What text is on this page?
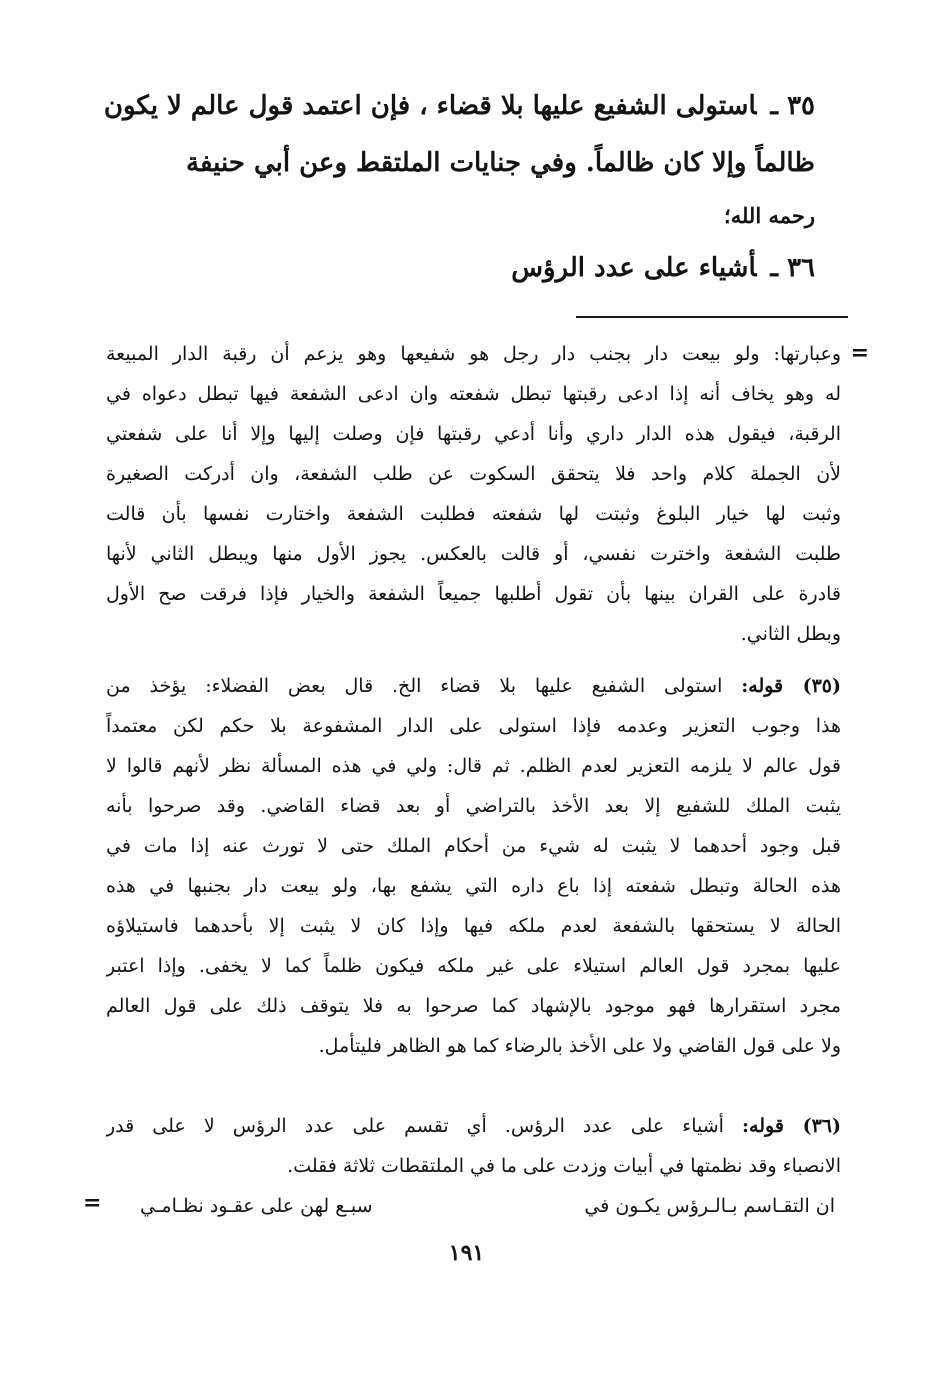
٣٥ ـاستولى الشفيع عليها بلا قضاء ، فإن اعتمد قول عالم لا يكون
ظالماً وإلا كان ظالماً. وفي جنايات الملتقط وعن أبي حنيفة
رحمه الله؛
٣٦ ـأشياء على عدد الرؤس
=
وعبارتها: ولو بيعت دار بجنب دار رجل هو شفيعها وهو يزعم أن رقبة الدار المبيعة
له وهو يخاف أنه إذا ادعى رقبتها تبطل شفعته وان ادعى الشفعة فيها تبطل دعواه في
الرقبة، فيقول هذه الدار داري وأنا أدعي رقبتها فإن وصلت إليها وإلا أنا على شفعتي
لأن الجملة كلام واحد فلا يتحقق السكوت عن طلب الشفعة، وان أدركت الصغيرة
وثبت لها خيار البلوغ وثبتت لها شفعته فطلبت الشفعة واختارت نفسها بأن قالت
طلبت الشفعة واخترت نفسي، أو قالت بالعكس. يجوز الأول منها ويبطل الثاني لأنها
قادرة على القران بينها بأن تقول أطلبها جميعاً الشفعة والخيار فإذا فرقت صح الأول
وبطل الثاني.
(٣٥) قوله: استولى الشفيع عليها بلا قضاء الخ. قال بعض الفضلاء: يؤخذ من
هذا وجوب التعزير وعدمه فإذا استولى على الدار المشفوعة بلا حكم لكن معتمداً
قول عالم لا يلزمه التعزير لعدم الظلم. ثم قال: ولي في هذه المسألة نظر لأنهم قالوا لا
يثبت الملك للشفيع إلا بعد الأخذ بالتراضي أو بعد قضاء القاضي. وقد صرحوا بأنه
قبل وجود أحدهما لا يثبت له شيء من أحكام الملك حتى لا تورث عنه إذا مات في
هذه الحالة وتبطل شفعته إذا باع داره التي يشفع بها، ولو بيعت دار بجنبها في هذه
الحالة لا يستحقها بالشفعة لعدم ملكه فيها وإذا كان لا يثبت إلا بأحدهما فاستيلاؤه
عليها بمجرد قول العالم استيلاء على غير ملكه فيكون ظلماً كما لا يخفى. وإذا اعتبر
مجرد استقرارها فهو موجود بالإشهاد كما صرحوا به فلا يتوقف ذلك على قول العالم
ولا على قول القاضي ولا على الأخذ بالرضاء كما هو الظاهر فليتأمل.
(٣٦) قوله: أشياء على عدد الرؤس. أي تقسم على عدد الرؤس لا على قدر
الانصباء وقد نظمتها في أبيات وزدت على ما في الملتقطات ثلاثة فقلت.
ان التقـاسم بـالـرؤس يكـون في
سبـع لهن على عقـود نظـامـي
=
١٩١
